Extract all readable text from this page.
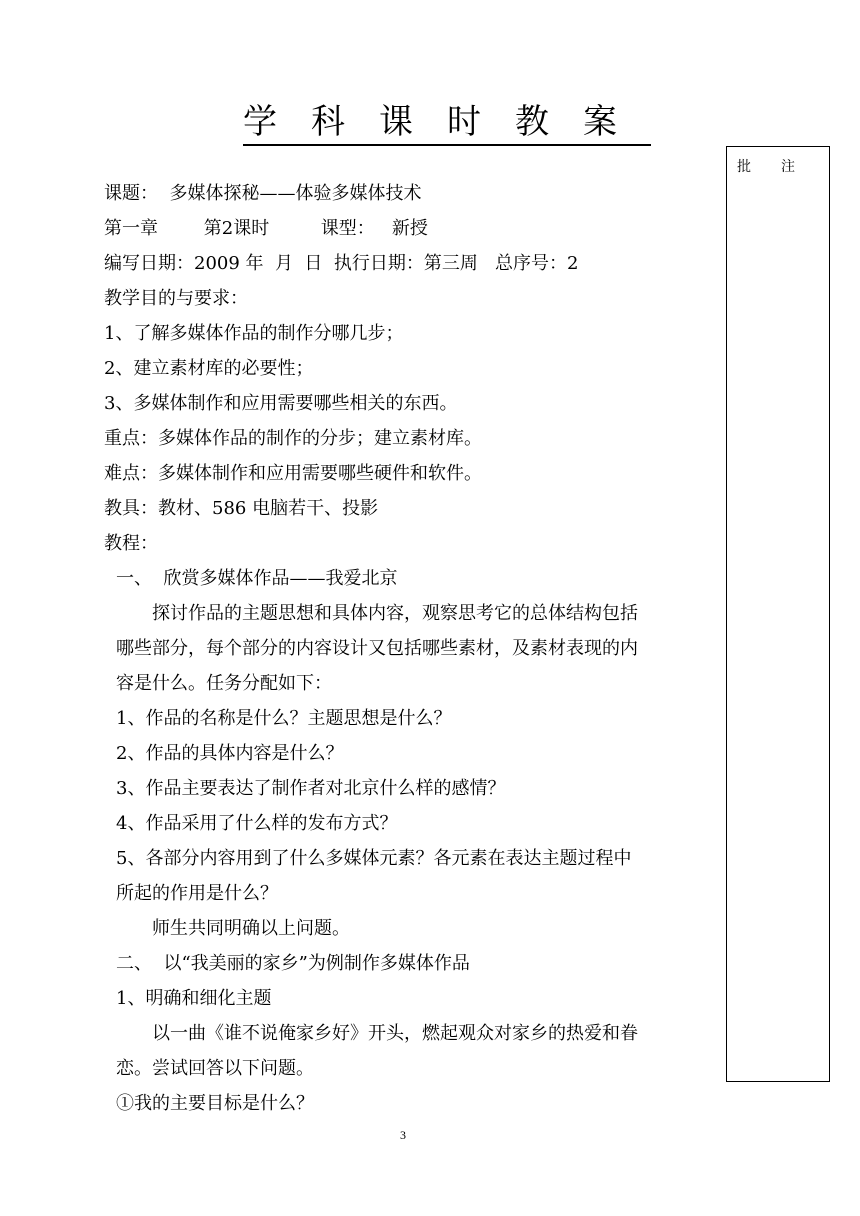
学科课时教案
批注
课题：  多媒体探秘——体验多媒体技术
第一章        第2课时         课型：   新授
编写日期：2009 年  月  日  执行日期：第三周   总序号：2
教学目的与要求：
1、了解多媒体作品的制作分哪几步；
2、建立素材库的必要性；
3、多媒体制作和应用需要哪些相关的东西。
重点：多媒体作品的制作的分步；建立素材库。
难点：多媒体制作和应用需要哪些硬件和软件。
教具：教材、586 电脑若干、投影
教程：
一、  欣赏多媒体作品——我爱北京
探讨作品的主题思想和具体内容，观察思考它的总体结构包括
哪些部分，每个部分的内容设计又包括哪些素材，及素材表现的内
容是什么。任务分配如下：
1、作品的名称是什么？主题思想是什么？
2、作品的具体内容是什么？
3、作品主要表达了制作者对北京什么样的感情？
4、作品采用了什么样的发布方式？
5、各部分内容用到了什么多媒体元素？各元素在表达主题过程中
所起的作用是什么？
师生共同明确以上问题。
二、  以“我美丽的家乡”为例制作多媒体作品
1、明确和细化主题
以一曲《谁不说俺家乡好》开头，燃起观众对家乡的热爱和眷
恋。尝试回答以下问题。
①我的主要目标是什么？
3
